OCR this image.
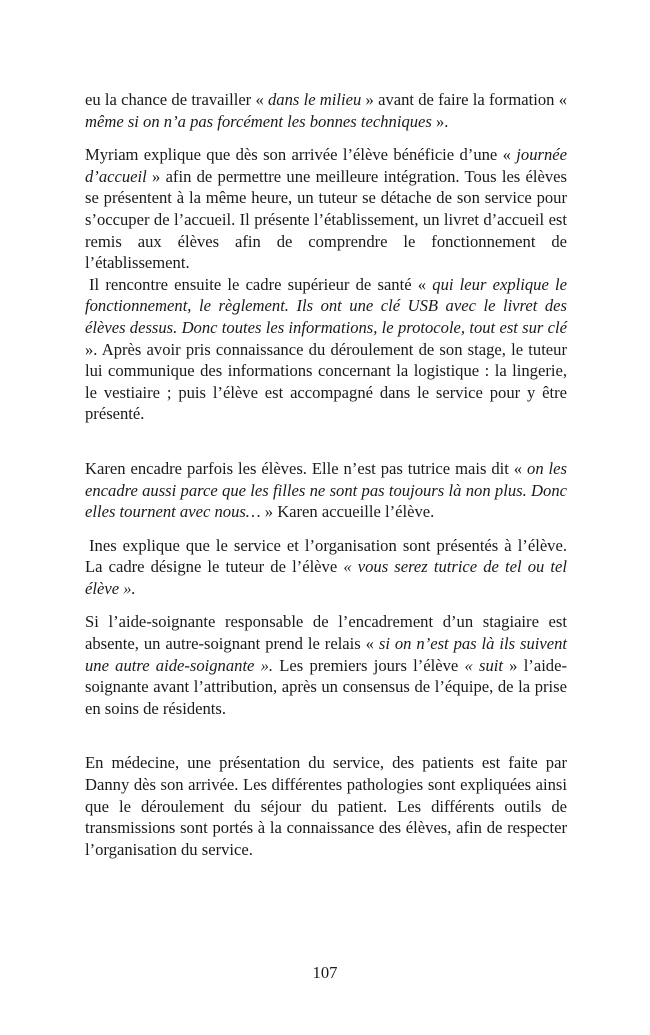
eu la chance de travailler « dans le milieu » avant de faire la formation « même si on n’a pas forcément les bonnes techniques ».

Myriam explique que dès son arrivée l’élève bénéficie d’une « journée d’accueil » afin de permettre une meilleure intégration. Tous les élèves se présentent à la même heure, un tuteur se détache de son service pour s’occuper de l’accueil. Il présente l’établissement, un livret d’accueil est remis aux élèves afin de comprendre le fonctionnement de l’établissement.

Il rencontre ensuite le cadre supérieur de santé « qui leur explique le fonctionnement, le règlement. Ils ont une clé USB avec le livret des élèves dessus. Donc toutes les informations, le protocole, tout est sur clé ». Après avoir pris connaissance du déroulement de son stage, le tuteur lui communique des informations concernant la logistique : la lingerie, le vestiaire ; puis l’élève est accompagné dans le service pour y être présenté.

Karen encadre parfois les élèves. Elle n’est pas tutrice mais dit « on les encadre aussi parce que les filles ne sont pas toujours là non plus. Donc elles tournent avec nous… » Karen accueille l’élève.

Ines explique que le service et l’organisation sont présentés à l’élève. La cadre désigne le tuteur de l’élève « vous serez tutrice de tel ou tel élève ».

Si l’aide-soignante responsable de l’encadrement d’un stagiaire est absente, un autre-soignant prend le relais « si on n’est pas là ils suivent une autre aide-soignante ». Les premiers jours l’élève « suit » l’aide-soignante avant l’attribution, après un consensus de l’équipe, de la prise en soins de résidents.

En médecine, une présentation du service, des patients est faite par Danny dès son arrivée. Les différentes pathologies sont expliquées ainsi que le déroulement du séjour du patient. Les différents outils de transmissions sont portés à la connaissance des élèves, afin de respecter l’organisation du service.

107
